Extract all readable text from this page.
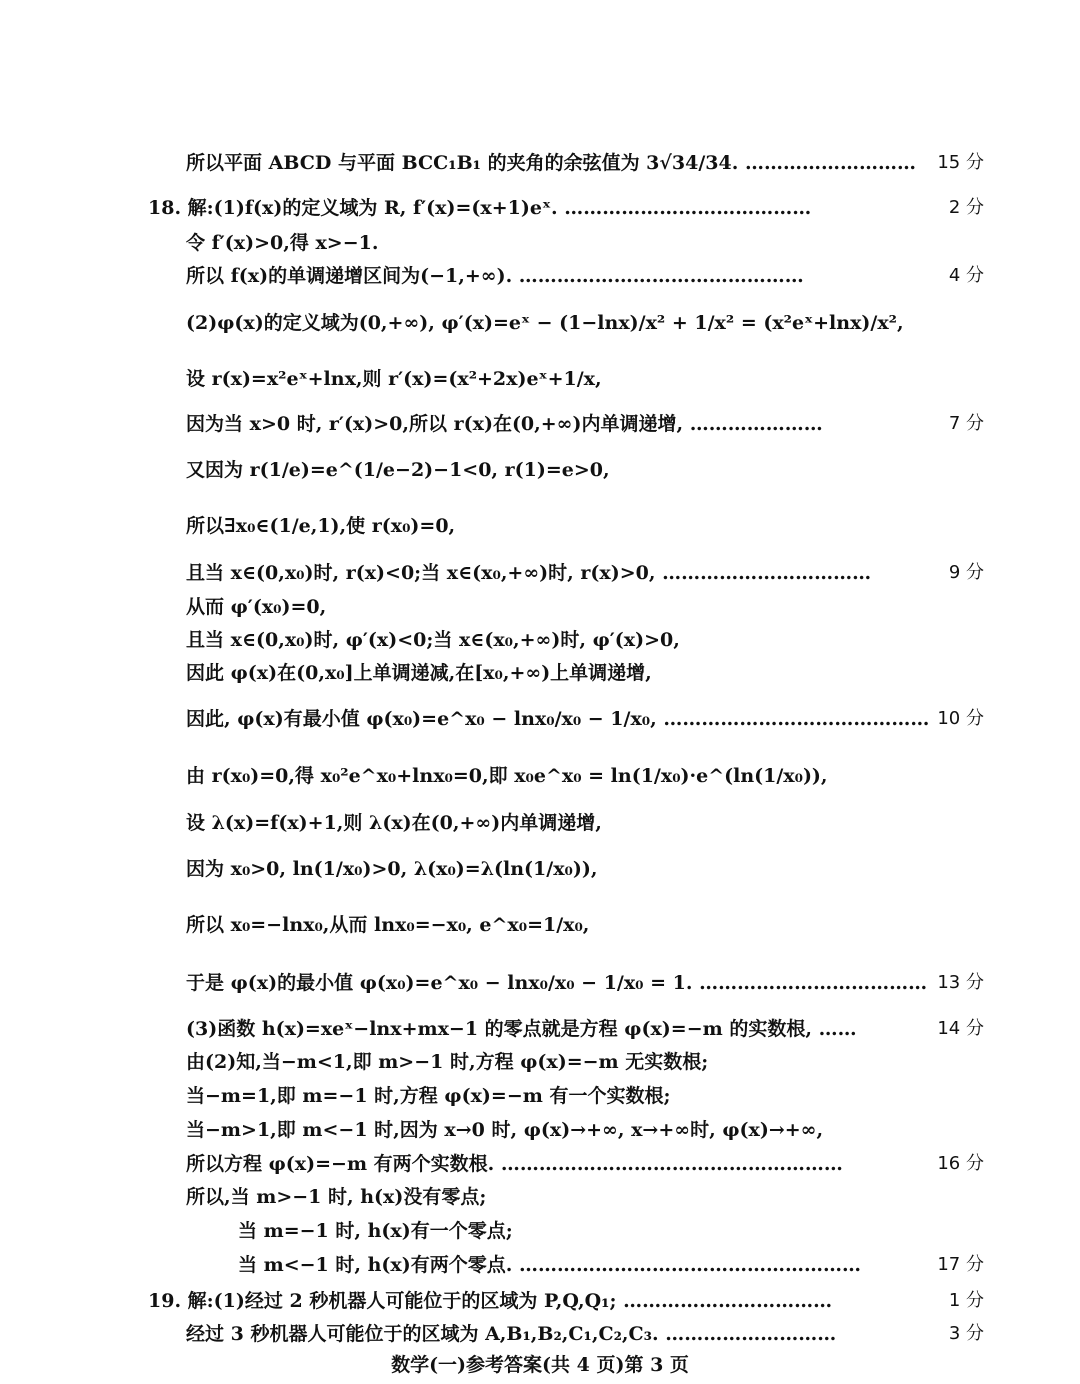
所以平面 ABCD 与平面 BCC₁B₁ 的夹角的余弦值为 3√34/34. ……………………… 15 分
18. 解:(1)f(x)的定义域为 R, f′(x)=(x+1)eˣ. …………………………………	2 分
令 f′(x)>0,得 x>−1.
所以 f(x)的单调递增区间为(−1,+∞). ………………………………………	4 分
(2)φ(x)的定义域为(0,+∞), φ′(x)=eˣ − (1−lnx)/x² + 1/x² = (x²eˣ+lnx)/x²,
设 r(x)=x²eˣ+lnx,则 r′(x)=(x²+2x)eˣ+1/x,
因为当 x>0 时, r′(x)>0,所以 r(x)在(0,+∞)内单调递增, …………………	7 分
又因为 r(1/e)=e^(1/e−2)−1<0, r(1)=e>0,
所以∃x₀∈(1/e,1),使 r(x₀)=0,
且当 x∈(0,x₀)时, r(x)<0;当 x∈(x₀,+∞)时, r(x)>0, ……………………………	9 分
从而 φ′(x₀)=0,
且当 x∈(0,x₀)时, φ′(x)<0;当 x∈(x₀,+∞)时, φ′(x)>0,
因此 φ(x)在(0,x₀]上单调递减,在[x₀,+∞)上单调递增,
因此, φ(x)有最小值 φ(x₀)=e^x₀ − lnx₀/x₀ − 1/x₀, …………………………………… 10 分
由 r(x₀)=0,得 x₀²e^x₀+lnx₀=0,即 x₀e^x₀ = ln(1/x₀)·e^(ln(1/x₀)),
设 λ(x)=f(x)+1,则 λ(x)在(0,+∞)内单调递增,
因为 x₀>0, ln(1/x₀)>0, λ(x₀)=λ(ln(1/x₀)),
所以 x₀=−lnx₀,从而 lnx₀=−x₀, e^x₀=1/x₀,
于是 φ(x)的最小值 φ(x₀)=e^x₀ − lnx₀/x₀ − 1/x₀ = 1. ……………………………… 13 分
(3)函数 h(x)=xeˣ−lnx+mx−1 的零点就是方程 φ(x)=−m 的实数根, ……	14 分
由(2)知,当−m<1,即 m>−1 时,方程 φ(x)=−m 无实数根;
当−m=1,即 m=−1 时,方程 φ(x)=−m 有一个实数根;
当−m>1,即 m<−1 时,因为 x→0 时, φ(x)→+∞, x→+∞时, φ(x)→+∞,
所以方程 φ(x)=−m 有两个实数根. ………………………………………………	16 分
所以,当 m>−1 时, h(x)没有零点;
当 m=−1 时, h(x)有一个零点;
当 m<−1 时, h(x)有两个零点. ………………………………………………	17 分
19. 解:(1)经过 2 秒机器人可能位于的区域为 P,Q,Q₁; ……………………………	1 分
经过 3 秒机器人可能位于的区域为 A,B₁,B₂,C₁,C₂,C₃. ………………………	3 分
数学(一)参考答案(共 4 页)第 3 页
